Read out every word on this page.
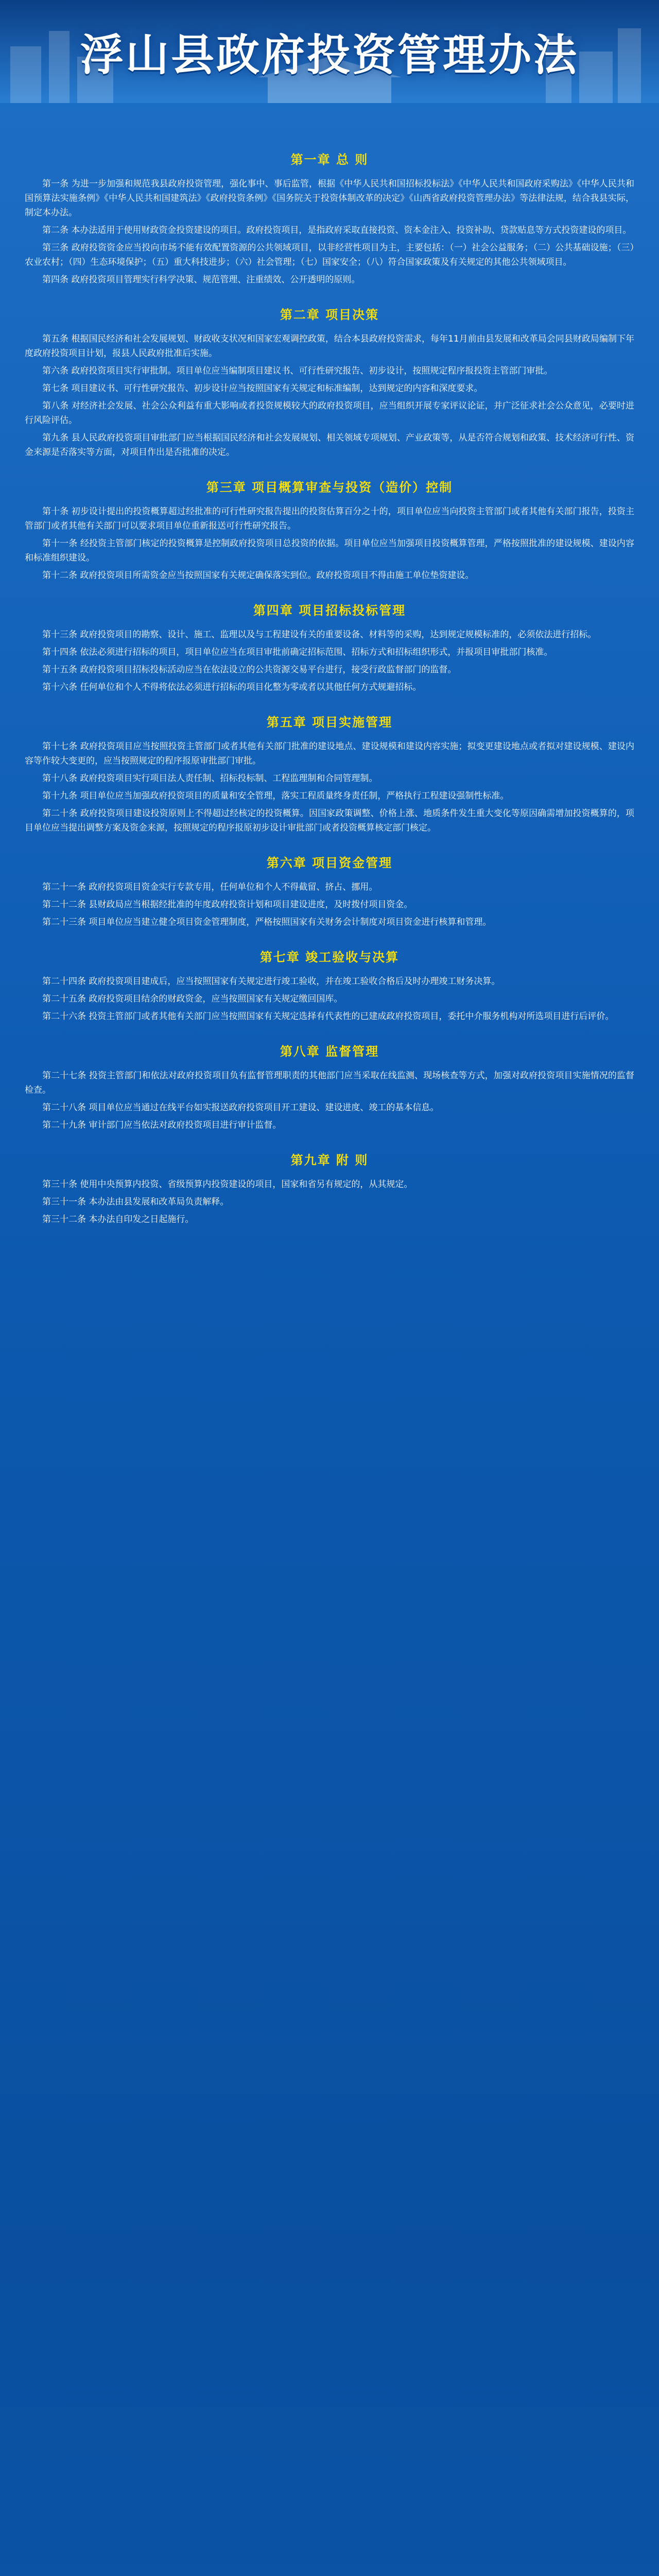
浮山县政府投资管理办法
第一章 总 则

第一条 为进一步加强和规范我县政府投资管理，强化事中、事后监管，根据《中华人民共和国招标投标法》《中华人民共和国政府采购法》《中华人民共和国预算法实施条例》《中华人民共和国建筑法》《政府投资条例》《国务院关于投资体制改革的决定》《山西省政府投资管理办法》等法律法规，结合我县实际，制定本办法。

第二条 本办法适用于使用财政资金投资建设的项目。政府投资项目，是指政府采取直接投资、资本金注入、投资补助、贷款贴息等方式投资建设的项目。

第三条 政府投资资金应当投向市场不能有效配置资源的公共领域项目，以非经营性项目为主，主要包括：（一）社会公益服务；（二）公共基础设施；（三）农业农村；（四）生态环境保护；（五）重大科技进步；（六）社会管理；（七）国家安全；（八）符合国家政策及有关规定的其他公共领域项目。

第四条 政府投资项目管理实行科学决策、规范管理、注重绩效、公开透明的原则。

第二章 项目决策

第五条 根据国民经济和社会发展规划、财政收支状况和国家宏观调控政策，结合本县政府投资需求，每年11月前由县发展和改革局会同县财政局编制下年度政府投资项目计划，报县人民政府批准后实施。

第六条 政府投资项目实行审批制。项目单位应当编制项目建议书、可行性研究报告、初步设计，按照规定程序报投资主管部门审批。

第七条 项目建议书、可行性研究报告、初步设计应当按照国家有关规定和标准编制，达到规定的内容和深度要求。

第八条 对经济社会发展、社会公众利益有重大影响或者投资规模较大的政府投资项目，应当组织开展专家评议论证，并广泛征求社会公众意见，必要时进行风险评估。

第九条 县人民政府投资项目审批部门应当根据国民经济和社会发展规划、相关领域专项规划、产业政策等，从是否符合规划和政策、技术经济可行性、资金来源是否落实等方面，对项目作出是否批准的决定。

第三章 项目概算审查与投资（造价）控制

第十条 初步设计提出的投资概算超过经批准的可行性研究报告提出的投资估算百分之十的，项目单位应当向投资主管部门或者其他有关部门报告，投资主管部门或者其他有关部门可以要求项目单位重新报送可行性研究报告。

第十一条 经投资主管部门核定的投资概算是控制政府投资项目总投资的依据。项目单位应当加强项目投资概算管理，严格按照批准的建设规模、建设内容和标准组织建设。

第十二条 政府投资项目所需资金应当按照国家有关规定确保落实到位。政府投资项目不得由施工单位垫资建设。

第四章 项目招标投标管理

第十三条 政府投资项目的勘察、设计、施工、监理以及与工程建设有关的重要设备、材料等的采购，达到规定规模标准的，必须依法进行招标。

第十四条 依法必须进行招标的项目，项目单位应当在项目审批前确定招标范围、招标方式和招标组织形式，并报项目审批部门核准。

第十五条 政府投资项目招标投标活动应当在依法设立的公共资源交易平台进行，接受行政监督部门的监督。

第十六条 任何单位和个人不得将依法必须进行招标的项目化整为零或者以其他任何方式规避招标。

第五章 项目实施管理

第十七条 政府投资项目应当按照投资主管部门或者其他有关部门批准的建设地点、建设规模和建设内容实施；拟变更建设地点或者拟对建设规模、建设内容等作较大变更的，应当按照规定的程序报原审批部门审批。

第十八条 政府投资项目实行项目法人责任制、招标投标制、工程监理制和合同管理制。

第十九条 项目单位应当加强政府投资项目的质量和安全管理，落实工程质量终身责任制，严格执行工程建设强制性标准。

第二十条 政府投资项目建设投资原则上不得超过经核定的投资概算。因国家政策调整、价格上涨、地质条件发生重大变化等原因确需增加投资概算的，项目单位应当提出调整方案及资金来源，按照规定的程序报原初步设计审批部门或者投资概算核定部门核定。

第六章 项目资金管理

第二十一条 政府投资项目资金实行专款专用，任何单位和个人不得截留、挤占、挪用。

第二十二条 县财政局应当根据经批准的年度政府投资计划和项目建设进度，及时拨付项目资金。

第二十三条 项目单位应当建立健全项目资金管理制度，严格按照国家有关财务会计制度对项目资金进行核算和管理。

第七章 竣工验收与决算

第二十四条 政府投资项目建成后，应当按照国家有关规定进行竣工验收，并在竣工验收合格后及时办理竣工财务决算。

第二十五条 政府投资项目结余的财政资金，应当按照国家有关规定缴回国库。

第二十六条 投资主管部门或者其他有关部门应当按照国家有关规定选择有代表性的已建成政府投资项目，委托中介服务机构对所选项目进行后评价。

第八章 监督管理

第二十七条 投资主管部门和依法对政府投资项目负有监督管理职责的其他部门应当采取在线监测、现场核查等方式，加强对政府投资项目实施情况的监督检查。

第二十八条 项目单位应当通过在线平台如实报送政府投资项目开工建设、建设进度、竣工的基本信息。

第二十九条 审计部门应当依法对政府投资项目进行审计监督。

第九章 附 则

第三十条 使用中央预算内投资、省级预算内投资建设的项目，国家和省另有规定的，从其规定。

第三十一条 本办法由县发展和改革局负责解释。

第三十二条 本办法自印发之日起施行。
